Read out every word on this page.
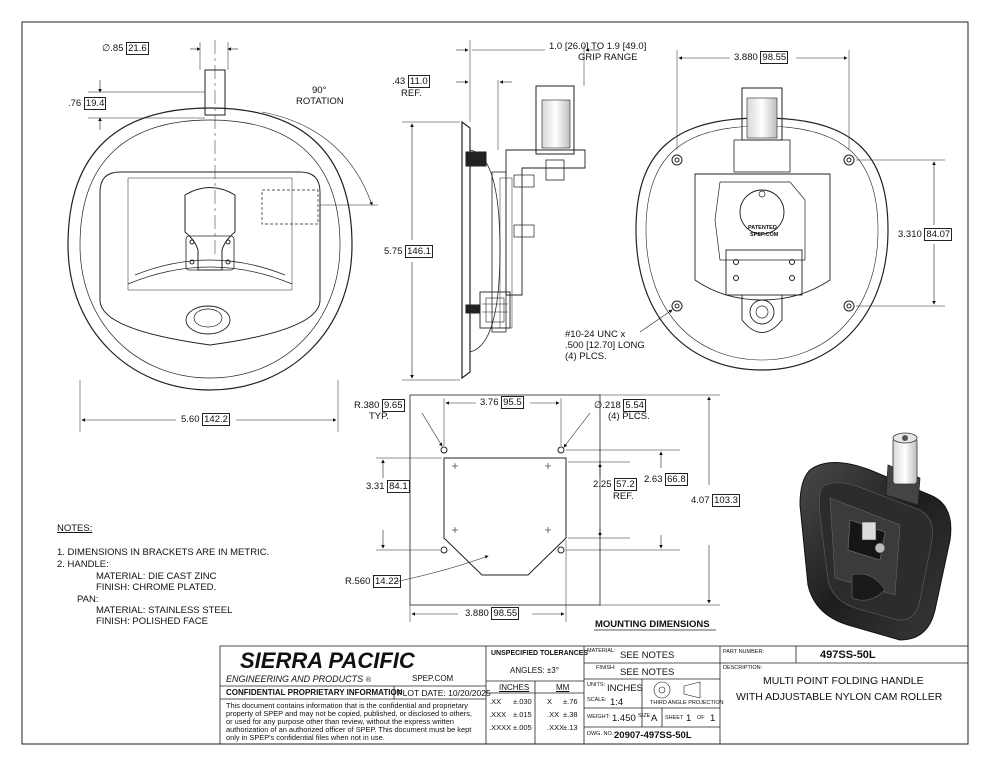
∅.85 21.6
.76 19.4
90°
ROTATION
5.60 142.2
1.0 [26.0] TO 1.9 [49.0]
GRIP RANGE
.43 11.0
REF.
5.75 146.1
3.880 98.55
3.310 84.07
PATENTED
SPEP.COM
#10-24 UNC x
.500 [12.70] LONG
(4) PLCS.
R.380 9.65
TYP.
3.76 95.5	∅.218 5.54
(4) PLCS.
3.31 84.1	2.25 57.2
REF.
2.63 66.8
4.07 103.3
R.560 14.22
3.880 98.55
MOUNTING DIMENSIONS
NOTES:
1. DIMENSIONS IN BRACKETS ARE IN METRIC.
2. HANDLE:
MATERIAL: DIE CAST ZINC
FINISH: CHROME PLATED.
PAN:
MATERIAL: STAINLESS STEEL
FINISH: POLISHED FACE
SIERRA PACIFIC
ENGINEERING AND PRODUCTS ®	SPEP.COM
CONFIDENTIAL PROPRIETARY INFORMATION
PLOT DATE: 10/20/2025
This document contains information that is the confidential and proprietary
property of SPEP and may not be copied, published, or disclosed to others,
or used for any purpose other than review, without the express written
authorization of an authorized officer of SPEP. This document must be kept
only in SPEP's confidential files when not in use.
UNSPECIFIED TOLERANCES
ANGLES: ±3°
INCHES	MM
.XX ±.030 X ±.76
.XXX ±.015 .XX ±.38
.XXXX ±.005 .XXX±.13
MATERIAL: SEE NOTES
FINISH: SEE NOTES
UNITS: INCHES
THIRD ANGLE PROJECTION
SCALE: 1:4
WEIGHT: 1.450 SIZE: A SHEET 1 OF 1
DWG. NO.: 20907-497SS-50L
PART NUMBER:	497SS-50L
DESCRIPTION:
MULTI POINT FOLDING HANDLE
WITH ADJUSTABLE NYLON CAM ROLLER
